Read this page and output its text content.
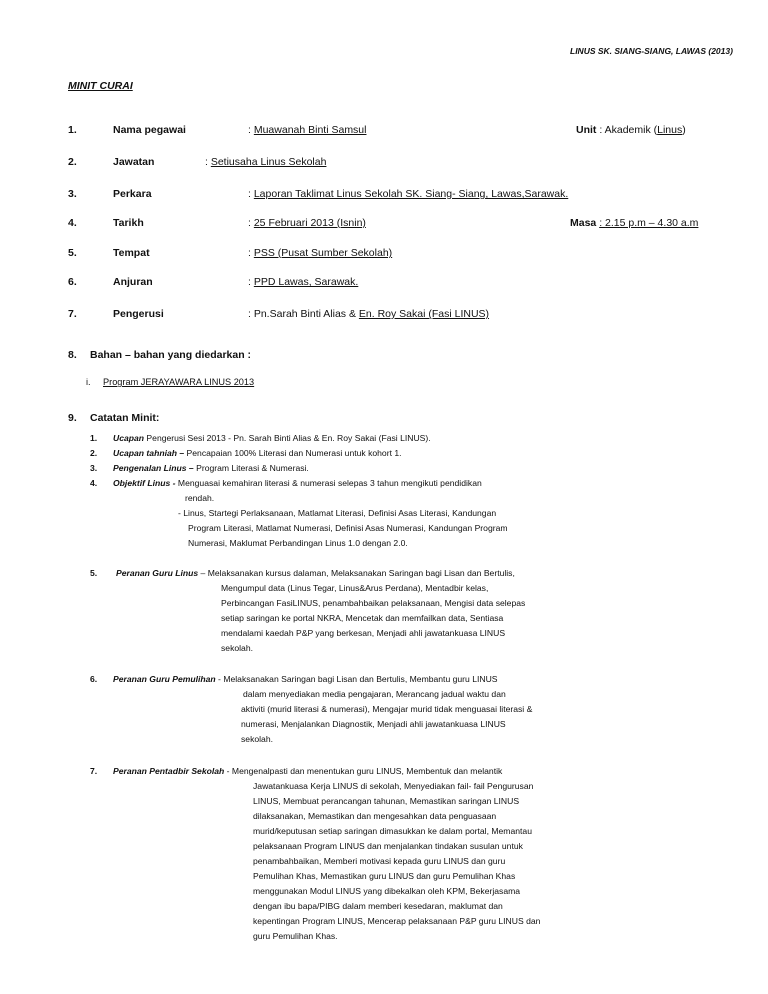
LINUS SK. SIANG-SIANG, LAWAS (2013)
MINIT CURAI
1.	Nama pegawai	: Muawanah Binti Samsul	Unit : Akademik (Linus)
2.	Jawatan	: Setiusaha Linus Sekolah
3.	Perkara	: Laporan Taklimat Linus Sekolah SK. Siang- Siang, Lawas,Sarawak.
4.	Tarikh	: 25 Februari 2013 (Isnin)	Masa : 2.15 p.m – 4.30 a.m
5.	Tempat	: PSS (Pusat Sumber Sekolah)
6.	Anjuran	: PPD Lawas, Sarawak.
7.	Pengerusi	: Pn.Sarah Binti Alias & En. Roy Sakai (Fasi LINUS)
8. Bahan – bahan yang diedarkan :
i. Program JERAYAWARA LINUS 2013
9. Catatan Minit:
1. Ucapan Pengerusi Sesi 2013 - Pn. Sarah Binti Alias & En. Roy Sakai (Fasi LINUS).
2. Ucapan tahniah – Pencapaian 100% Literasi dan Numerasi untuk kohort 1.
3. Pengenalan Linus – Program Literasi & Numerasi.
4. Objektif Linus - Menguasai kemahiran literasi & numerasi selepas 3 tahun mengikuti pendidikan
rendah.
- Linus, Startegi Perlaksanaan, Matlamat Literasi, Definisi Asas Literasi, Kandungan
Program Literasi, Matlamat Numerasi, Definisi Asas Numerasi, Kandungan Program
Numerasi, Maklumat Perbandingan Linus 1.0 dengan 2.0.
5. Peranan Guru Linus – Melaksanakan kursus dalaman, Melaksanakan Saringan bagi Lisan dan Bertulis,
Mengumpul data (Linus Tegar, Linus&Arus Perdana), Mentadbir kelas,
Perbincangan FasiLINUS, penambahbaikan pelaksanaan, Mengisi data selepas
setiap saringan ke portal NKRA, Mencetak dan memfailkan data, Sentiasa
mendalami kaedah P&P yang berkesan, Menjadi ahli jawatankuasa LINUS
sekolah.
6. Peranan Guru Pemulihan - Melaksanakan Saringan bagi Lisan dan Bertulis, Membantu guru LINUS
dalam menyediakan media pengajaran, Merancang jadual waktu dan
aktiviti (murid literasi & numerasi), Mengajar murid tidak menguasai literasi &
numerasi, Menjalankan Diagnostik, Menjadi ahli jawatankuasa LINUS
sekolah.
7. Peranan Pentadbir Sekolah - Mengenalpasti dan menentukan guru LINUS, Membentuk dan melantik
Jawatankuasa Kerja LINUS di sekolah, Menyediakan fail- fail Pengurusan
LINUS, Membuat perancangan tahunan, Memastikan saringan LINUS
dilaksanakan, Memastikan dan mengesahkan data penguasaan
murid/keputusan setiap saringan dimasukkan ke dalam portal, Memantau
pelaksanaan Program LINUS dan menjalankan tindakan susulan untuk
penambahbaikan, Memberi motivasi kepada guru LINUS dan guru
Pemulihan Khas, Memastikan guru LINUS dan guru Pemulihan Khas
menggunakan Modul LINUS yang dibekalkan oleh KPM, Bekerjasama
dengan ibu bapa/PIBG dalam memberi kesedaran, maklumat dan
kepentingan Program LINUS, Mencerap pelaksanaan P&P guru LINUS dan
guru Pemulihan Khas.
